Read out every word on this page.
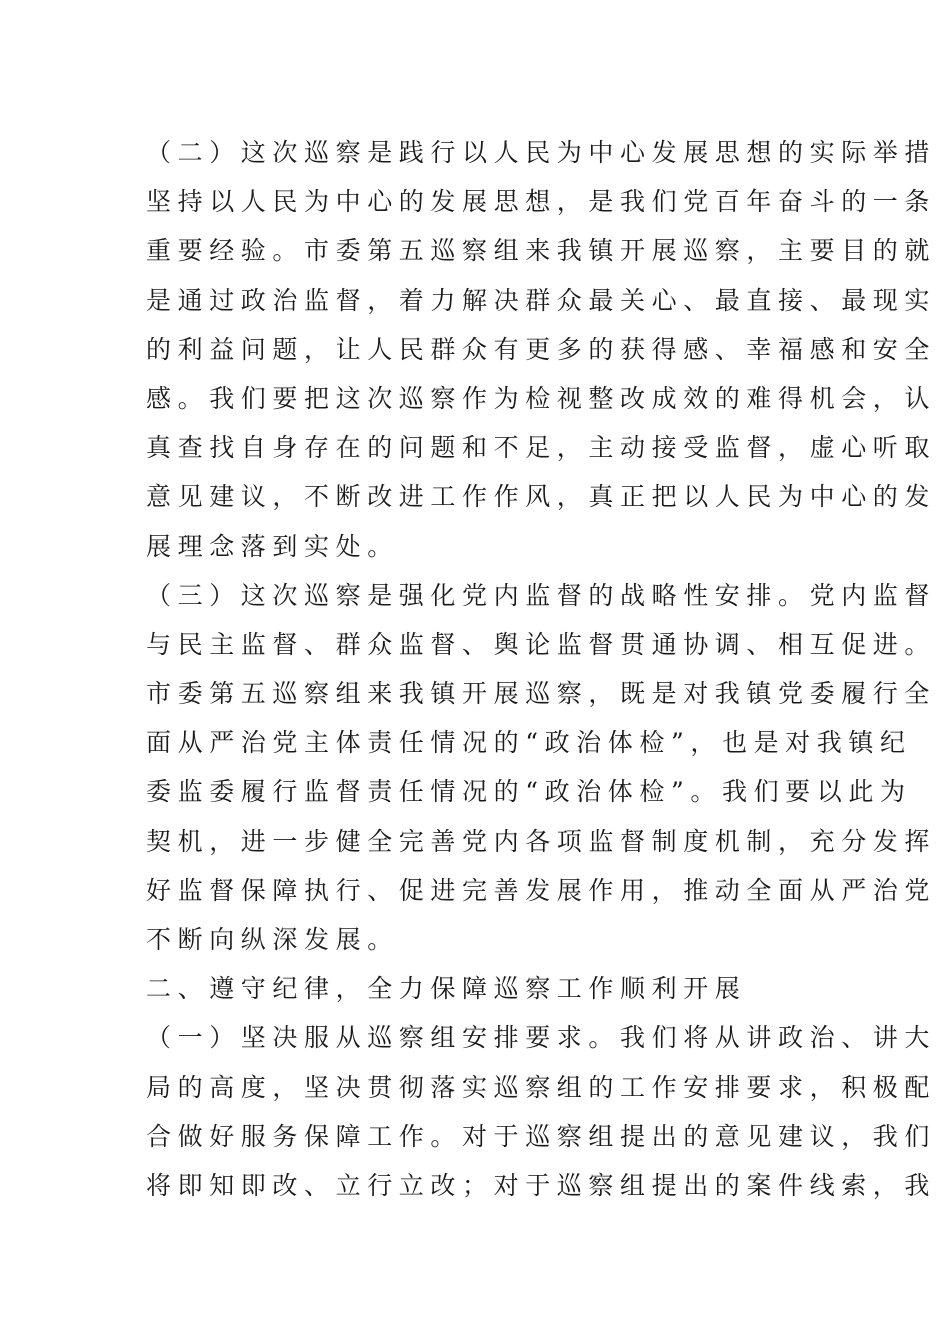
（二）这次巡察是践行以人民为中心发展思想的实际举措
坚持以人民为中心的发展思想，是我们党百年奋斗的一条
重要经验。市委第五巡察组来我镇开展巡察，主要目的就
是通过政治监督，着力解决群众最关心、最直接、最现实
的利益问题，让人民群众有更多的获得感、幸福感和安全
感。我们要把这次巡察作为检视整改成效的难得机会，认
真查找自身存在的问题和不足，主动接受监督，虚心听取
意见建议，不断改进工作作风，真正把以人民为中心的发
展理念落到实处。
（三）这次巡察是强化党内监督的战略性安排。党内监督
与民主监督、群众监督、舆论监督贯通协调、相互促进。
市委第五巡察组来我镇开展巡察，既是对我镇党委履行全
面从严治党主体责任情况的“政治体检”，也是对我镇纪
委监委履行监督责任情况的“政治体检”。我们要以此为
契机，进一步健全完善党内各项监督制度机制，充分发挥
好监督保障执行、促进完善发展作用，推动全面从严治党
不断向纵深发展。
二、遵守纪律，全力保障巡察工作顺利开展
（一）坚决服从巡察组安排要求。我们将从讲政治、讲大
局的高度，坚决贯彻落实巡察组的工作安排要求，积极配
合做好服务保障工作。对于巡察组提出的意见建议，我们
将即知即改、立行立改；对于巡察组提出的案件线索，我
